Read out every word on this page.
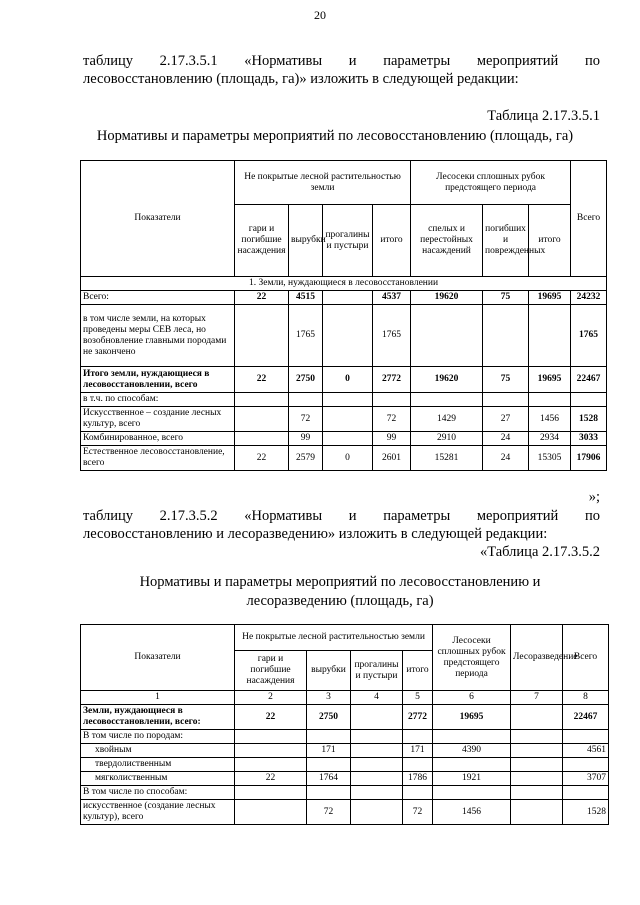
20
таблицу 2.17.3.5.1 «Нормативы и параметры мероприятий по
лесовосстановлению (площадь, га)» изложить в следующей редакции:
Таблица 2.17.3.5.1
Нормативы и параметры мероприятий по лесовосстановлению (площадь, га)
Показатели	Не покрытые лесной растительностью земли				Лесосеки сплошных рубок предстоящего периода			Всего
	гари и погибшие насаждения	вырубки	прогалины и пустыри	итого	спелых и перестойных насаждений	погибших и поврежденных	итого	
1. Земли, нуждающиеся в лесовосстановлении								
Всего:	22	4515		4537	19620	75	19695	24232
в том числе земли, на которых проведены меры СЕВ леса, но возобновление главными породами не закончено		1765		1765				1765
Итого земли, нуждающиеся в лесовосстановлении, всего	22	2750	0	2772	19620	75	19695	22467
в т.ч. по способам:								
Искусственное – создание лесных культур, всего		72		72	1429	27	1456	1528
Комбинированное, всего		99		99	2910	24	2934	3033
Естественное лесовосстановление, всего	22	2579	0	2601	15281	24	15305	17906
»;
таблицу 2.17.3.5.2 «Нормативы и параметры мероприятий по
лесовосстановлению и лесоразведению» изложить в следующей редакции:
«Таблица 2.17.3.5.2
Нормативы и параметры мероприятий по лесовосстановлению и
лесоразведению (площадь, га)
Показатели	Не покрытые лесной растительностью земли				Лесосеки сплошных рубок предстоящего периода	Лесоразведение	Всего
	гари и погибшие насаждения	вырубки	прогалины и пустыри	итого			
1	2	3	4	5	6	7	8
Земли, нуждающиеся в лесовосстановлении, всего:	22	2750		2772	19695		22467
В том числе по породам:							
хвойным		171		171	4390		4561
твердолиственным							
мягколиственным	22	1764		1786	1921		3707
В том числе по способам:							
искусственное (создание лесных культур), всего		72		72	1456		1528
